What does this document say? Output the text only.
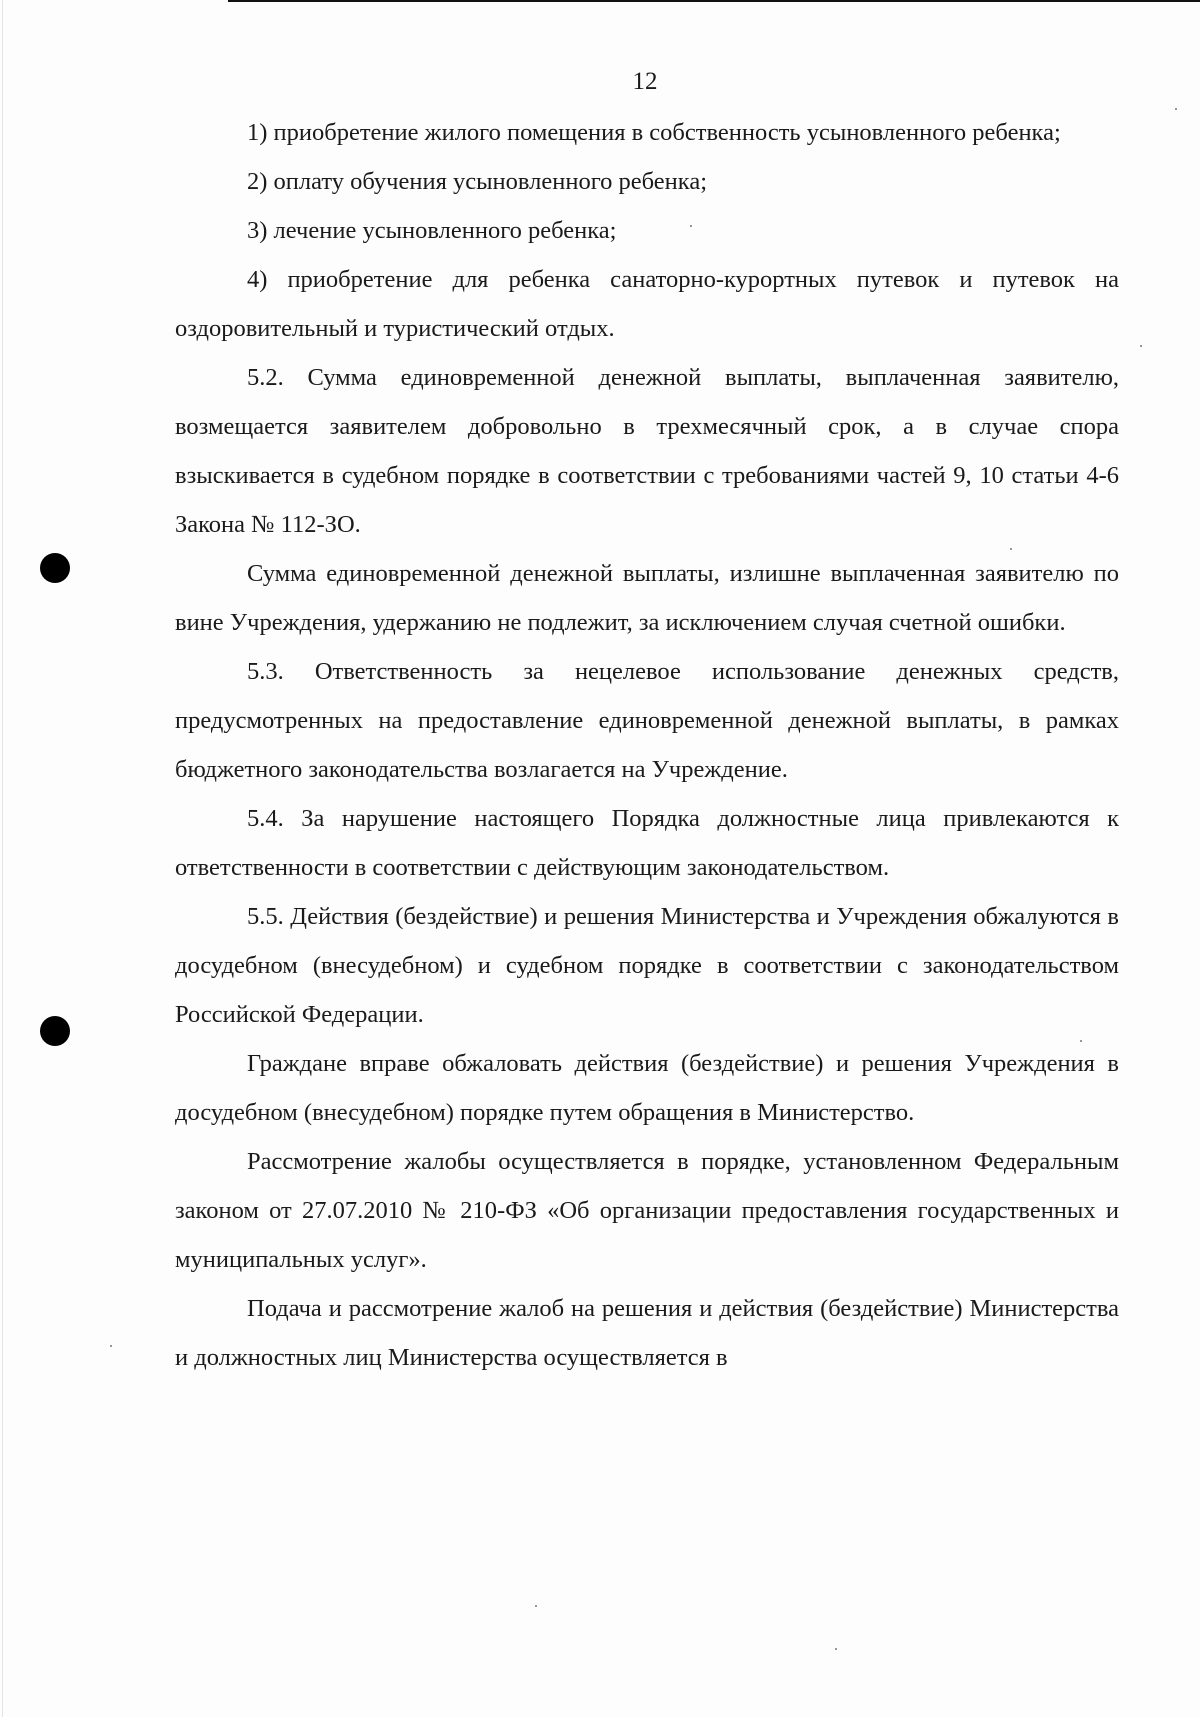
12

1) приобретение жилого помещения в собственность усыновленного ребенка;

2) оплату обучения усыновленного ребенка;

3) лечение усыновленного ребенка;

4) приобретение для ребенка санаторно-курортных путевок и путевок на оздоровительный и туристический отдых.

5.2. Сумма единовременной денежной выплаты, выплаченная заявителю, возмещается заявителем добровольно в трехмесячный срок, а в случае спора взыскивается в судебном порядке в соответствии с требованиями частей 9, 10 статьи 4-6 Закона № 112-ЗО.

Сумма единовременной денежной выплаты, излишне выплаченная заявителю по вине Учреждения, удержанию не подлежит, за исключением случая счетной ошибки.

5.3. Ответственность за нецелевое использование денежных средств, предусмотренных на предоставление единовременной денежной выплаты, в рамках бюджетного законодательства возлагается на Учреждение.

5.4. За нарушение настоящего Порядка должностные лица привлекаются к ответственности в соответствии с действующим законодательством.

5.5. Действия (бездействие) и решения Министерства и Учреждения обжалуются в досудебном (внесудебном) и судебном порядке в соответствии с законодательством Российской Федерации.

Граждане вправе обжаловать действия (бездействие) и решения Учреждения в досудебном (внесудебном) порядке путем обращения в Министерство.

Рассмотрение жалобы осуществляется в порядке, установленном Федеральным законом от 27.07.2010 № 210-ФЗ «Об организации предоставления государственных и муниципальных услуг».

Подача и рассмотрение жалоб на решения и действия (бездействие) Министерства и должностных лиц Министерства осуществляется в
